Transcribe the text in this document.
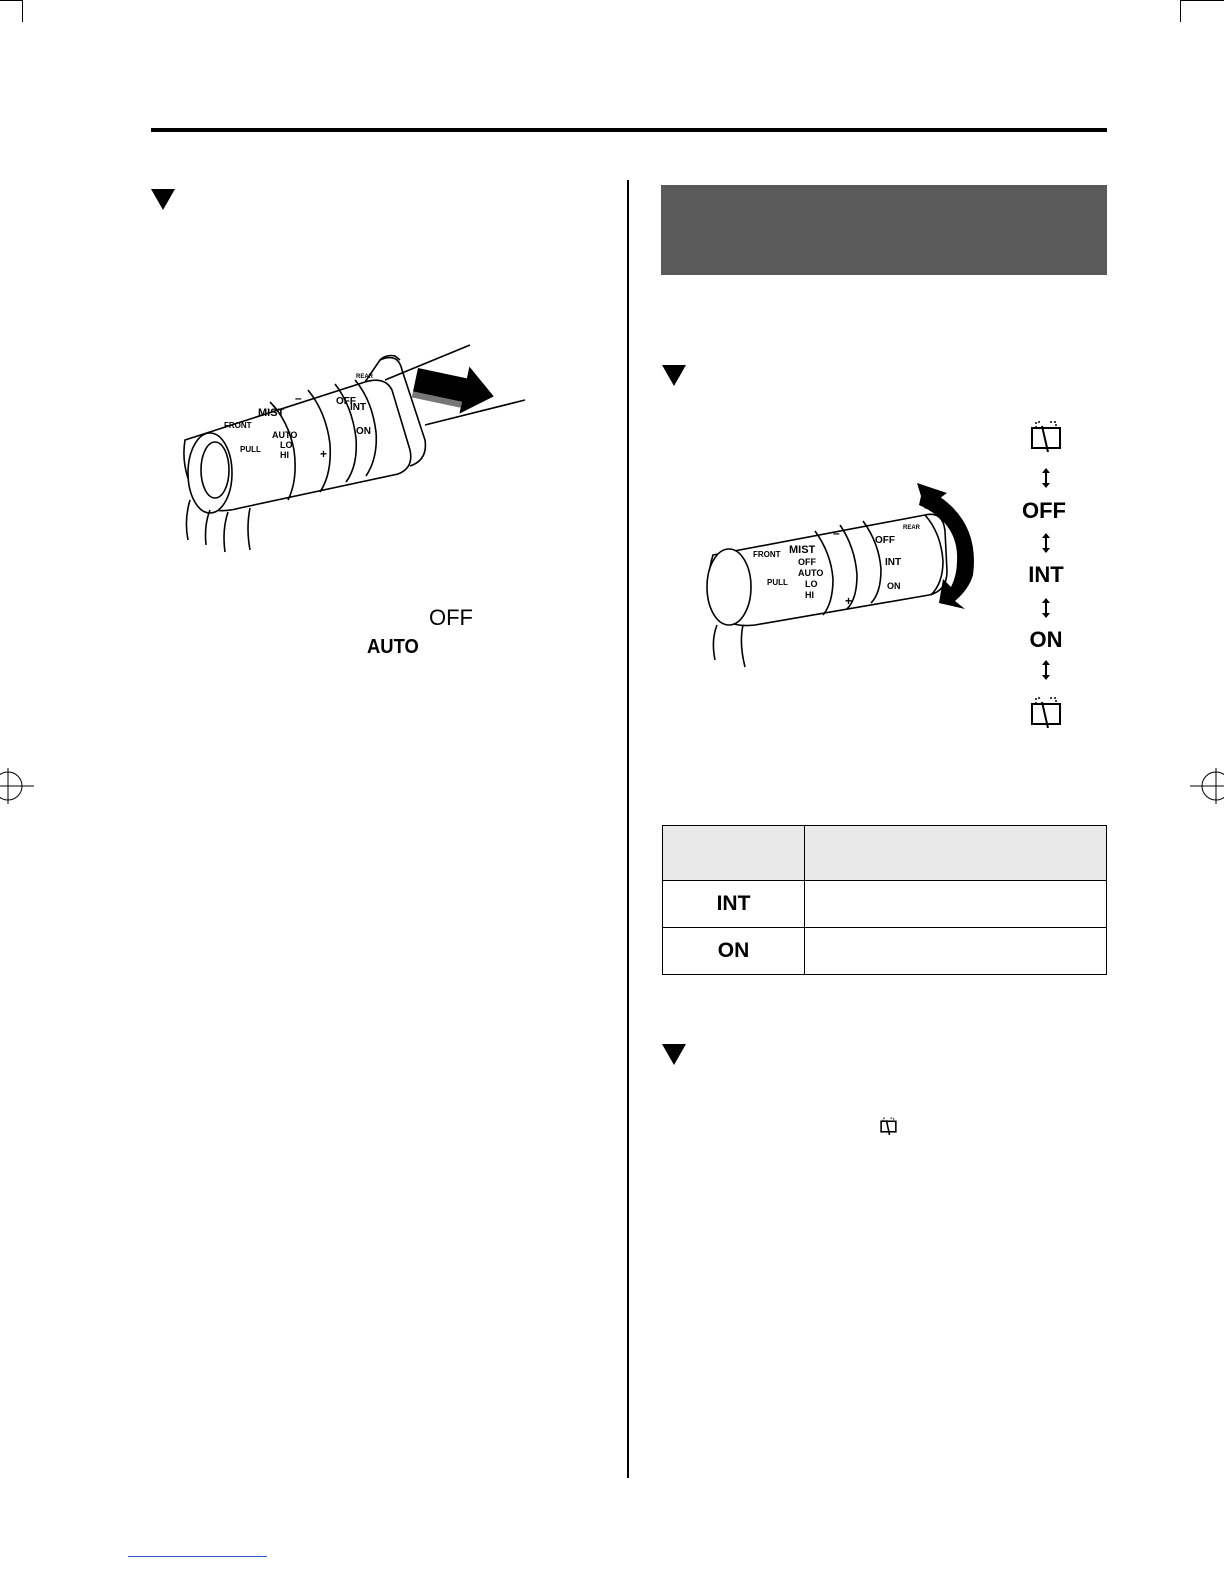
FRONT
PULL
MIST
AUTO
LO
HI
OFF
REAR
INT
ON
–
+
OFF
AUTO
FRONT
PULL
MIST
OFF
AUTO
LO
HI
OFF
REAR
INT
ON
–
+
OFF
INT
ON

INT	
ON	
